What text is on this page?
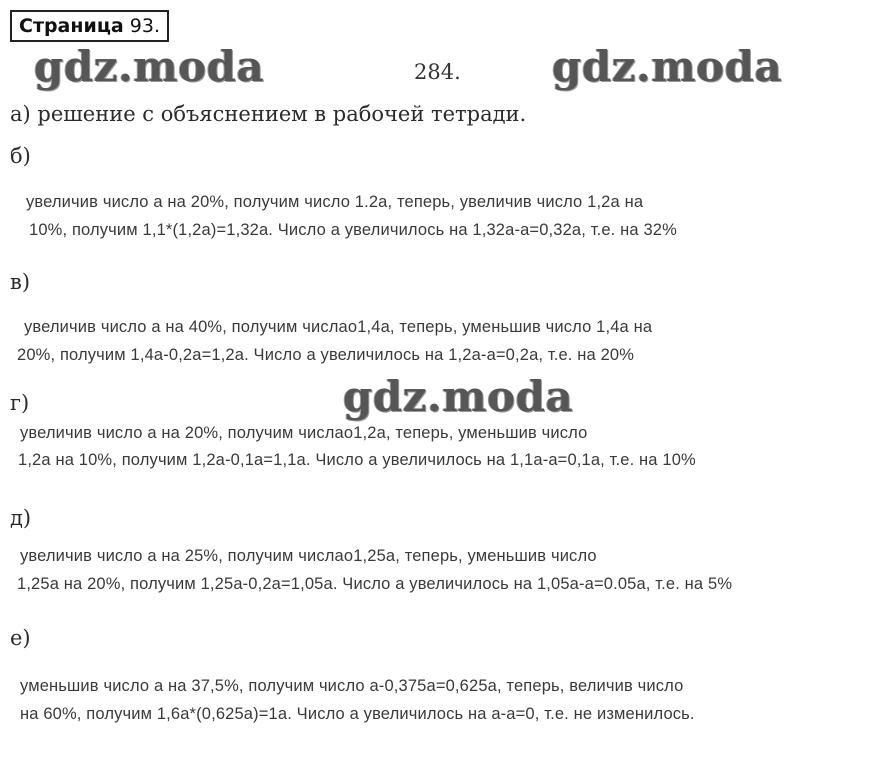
Страница 93.
gdz.moda	284. gdz.moda
а) решение с объяснением в рабочей тетради.
б)
увеличив число а на 20%, получим число 1.2а, теперь, увеличив число 1,2а на
10%, получим 1,1*(1,2а)=1,32а. Число а увеличилось на 1,32а-а=0,32а, т.е. на 32%
в)
увеличив число а на 40%, получим числао1,4а, теперь, уменьшив число 1,4а на
20%, получим 1,4а-0,2а=1,2а. Число а увеличилось на 1,2а-а=0,2а, т.е. на 20%
gdz.moda
г)
увеличив число а на 20%, получим числао1,2а, теперь, уменьшив число
1,2а на 10%, получим 1,2а-0,1а=1,1а. Число а увеличилось на 1,1а-а=0,1а, т.е. на 10%
д)
увеличив число а на 25%, получим числао1,25а, теперь, уменьшив число
1,25а на 20%, получим 1,25а-0,2а=1,05а. Число а увеличилось на 1,05а-а=0.05а, т.е. на 5%
е)
уменьшив число а на 37,5%, получим число а-0,375а=0,625а, теперь, величив число
на 60%, получим 1,6а*(0,625а)=1а. Число а увеличилось на а-а=0, т.е. не изменилось.
